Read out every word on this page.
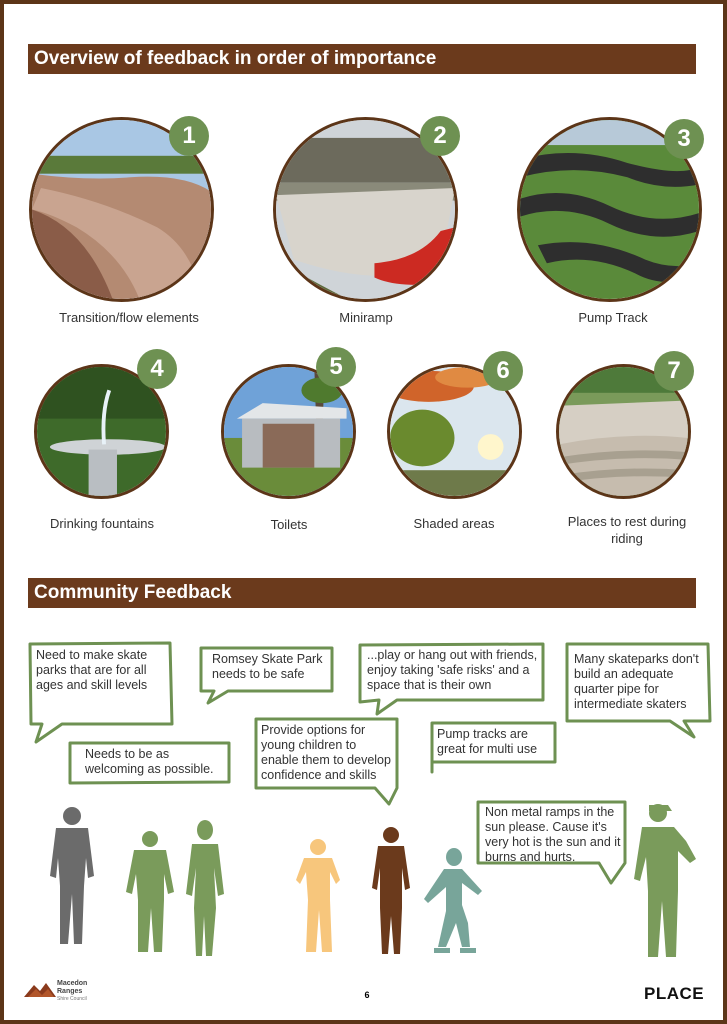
Overview of feedback in order of importance
1
Transition/flow elements
2
Miniramp
3
Pump Track
4
Drinking fountains
5
Toilets
6
Shaded areas
7
Places to rest during riding
Community Feedback
Need to make skate parks that are for all ages and skill levels
Romsey Skate Park needs to be safe
...play or hang out with friends, enjoy taking 'safe risks' and a space that is their own
Many skateparks don't build an adequate quarter pipe for intermediate skaters
Needs to be as welcoming as possible.
Provide options for young children to enable them to develop confidence and skills
Pump tracks are great for multi use
Non metal ramps in the sun please. Cause it's very hot is the sun and it burns and hurts.
Macedon Ranges
Shire Council	6	PLACE
